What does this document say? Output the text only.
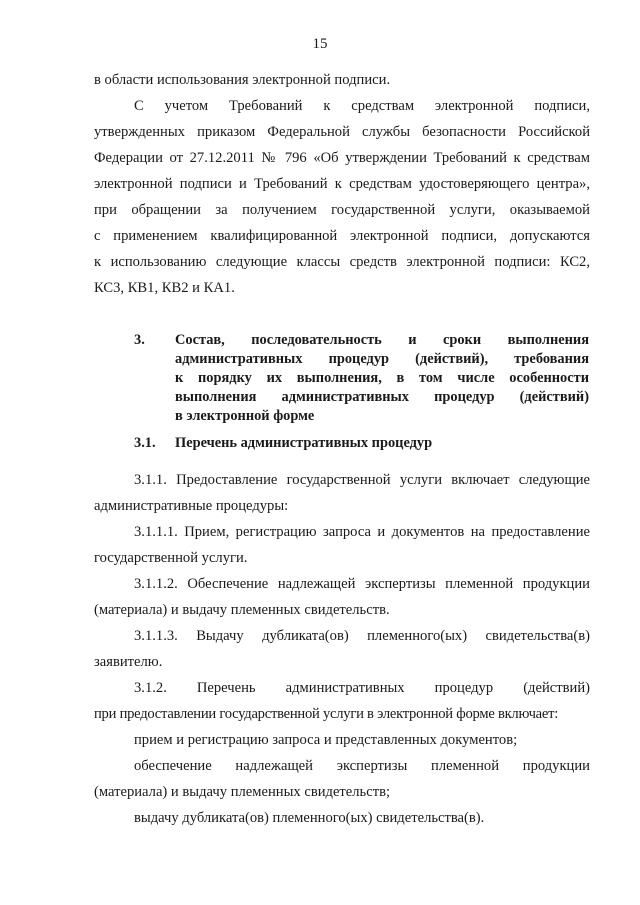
15
в области использования электронной подписи.
С учетом Требований к средствам электронной подписи,
утвержденных приказом Федеральной службы безопасности Российской
Федерации от 27.12.2011 № 796 «Об утверждении Требований к средствам
электронной подписи и Требований к средствам удостоверяющего центра»,
при обращении за получением государственной услуги, оказываемой
с применением квалифицированной электронной подписи, допускаются
к использованию следующие классы средств электронной подписи: КС2,
КС3, КВ1, КВ2 и КА1.
3. Состав, последовательность и сроки выполнения
административных процедур (действий), требования
к порядку их выполнения, в том числе особенности
выполнения административных процедур (действий)
в электронной форме
3.1. Перечень административных процедур
3.1.1. Предоставление государственной услуги включает следующие
административные процедуры:
3.1.1.1. Прием, регистрацию запроса и документов на предоставление
государственной услуги.
3.1.1.2. Обеспечение надлежащей экспертизы племенной продукции
(материала) и выдачу племенных свидетельств.
3.1.1.3. Выдачу дубликата(ов) племенного(ых) свидетельства(в)
заявителю.
3.1.2. Перечень административных процедур (действий)
при предоставлении государственной услуги в электронной форме включает:
прием и регистрацию запроса и представленных документов;
обеспечение надлежащей экспертизы племенной продукции
(материала) и выдачу племенных свидетельств;
выдачу дубликата(ов) племенного(ых) свидетельства(в).
